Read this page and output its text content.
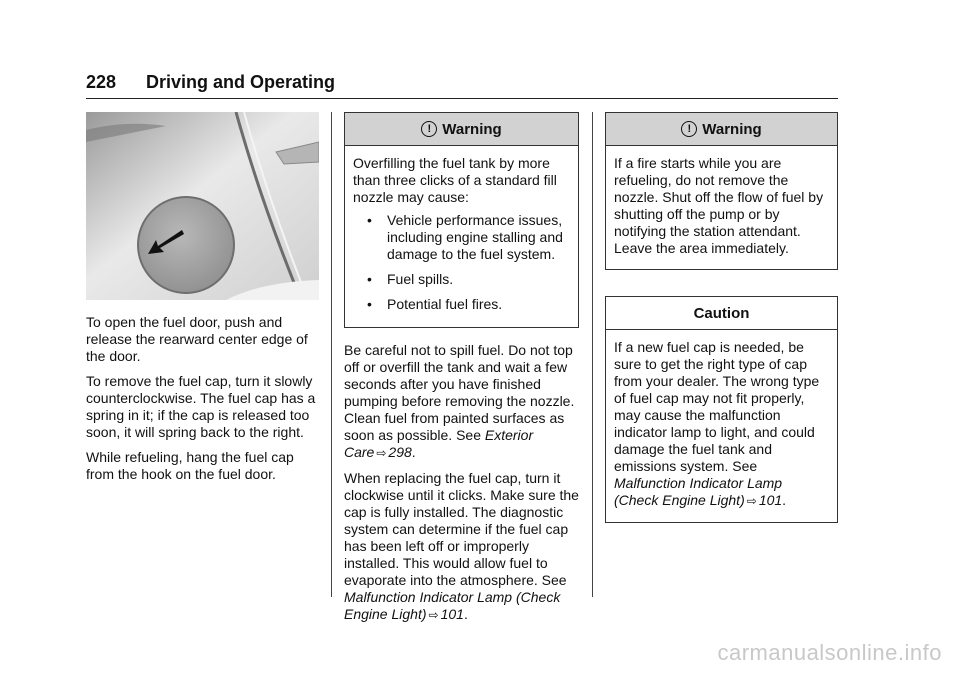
228 Driving and Operating

To open the fuel door, push and release the rearward center edge of the door.

To remove the fuel cap, turn it slowly counterclockwise. The fuel cap has a spring in it; if the cap is released too soon, it will spring back to the right.

While refueling, hang the fuel cap from the hook on the fuel door.

! Warning

Overfilling the fuel tank by more than three clicks of a standard fill nozzle may cause:

• Vehicle performance issues, including engine stalling and damage to the fuel system.
• Fuel spills.
• Potential fuel fires.

Be careful not to spill fuel. Do not top off or overfill the tank and wait a few seconds after you have finished pumping before removing the nozzle. Clean fuel from painted surfaces as soon as possible. See Exterior Care ⇨ 298.

When replacing the fuel cap, turn it clockwise until it clicks. Make sure the cap is fully installed. The diagnostic system can determine if the fuel cap has been left off or improperly installed. This would allow fuel to evaporate into the atmosphere. See Malfunction Indicator Lamp (Check Engine Light) ⇨ 101.

! Warning

If a fire starts while you are refueling, do not remove the nozzle. Shut off the flow of fuel by shutting off the pump or by notifying the station attendant. Leave the area immediately.

Caution

If a new fuel cap is needed, be sure to get the right type of cap from your dealer. The wrong type of fuel cap may not fit properly, may cause the malfunction indicator lamp to light, and could damage the fuel tank and emissions system. See Malfunction Indicator Lamp (Check Engine Light) ⇨ 101.

carmanualsonline.info
